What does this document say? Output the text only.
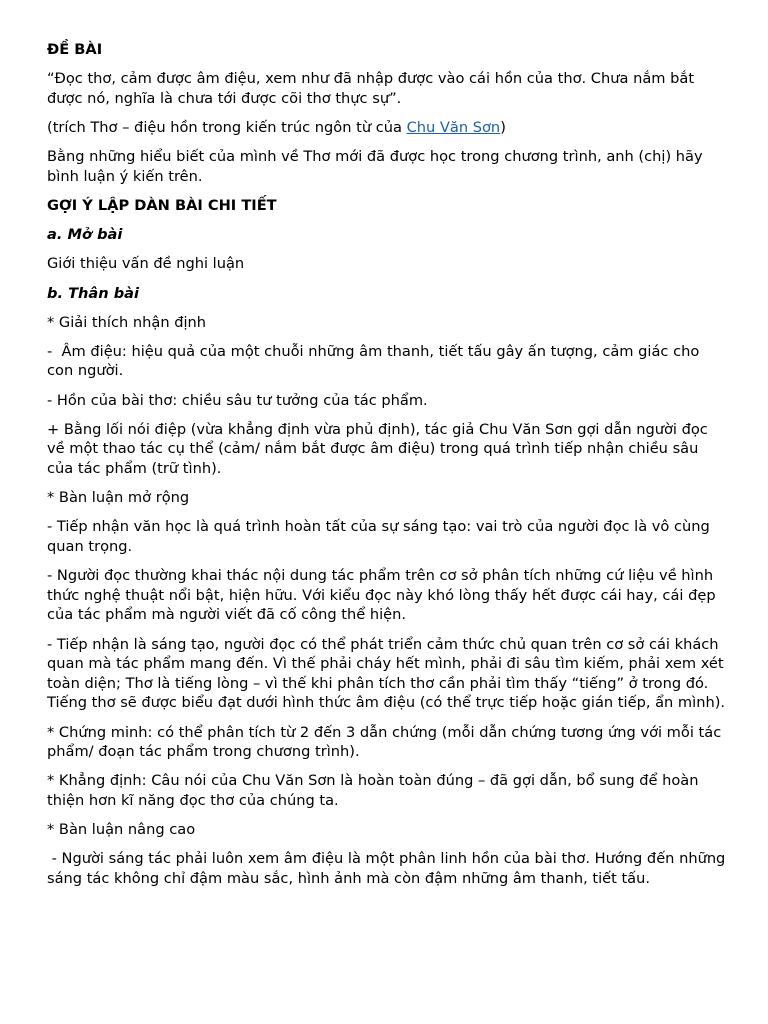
ĐỀ BÀI

“Đọc thơ, cảm được âm điệu, xem như đã nhập được vào cái hồn của thơ. Chưa nắm bắt được nó, nghĩa là chưa tới được cõi thơ thực sự”.

(trích Thơ – điệu hồn trong kiến trúc ngôn từ của Chu Văn Sơn)

Bằng những hiểu biết của mình về Thơ mới đã được học trong chương trình, anh (chị) hãy bình luận ý kiến trên.

GỢI Ý LẬP DÀN BÀI CHI TIẾT

a. Mở bài

Giới thiệu vấn đề nghi luận

b. Thân bài

* Giải thích nhận định

-  Âm điệu: hiệu quả của một chuỗi những âm thanh, tiết tấu gây ấn tượng, cảm giác cho con người.

- Hồn của bài thơ: chiều sâu tư tưởng của tác phẩm.

+ Bằng lối nói điệp (vừa khẳng định vừa phủ định), tác giả Chu Văn Sơn gợi dẫn người đọc về một thao tác cụ thể (cảm/ nắm bắt được âm điệu) trong quá trình tiếp nhận chiều sâu của tác phẩm (trữ tình).

* Bàn luận mở rộng

- Tiếp nhận văn học là quá trình hoàn tất của sự sáng tạo: vai trò của người đọc là vô cùng quan trọng.

- Người đọc thường khai thác nội dung tác phẩm trên cơ sở phân tích những cứ liệu về hình thức nghệ thuật nổi bật, hiện hữu. Với kiểu đọc này khó lòng thấy hết được cái hay, cái đẹp của tác phẩm mà người viết đã cố công thể hiện.

- Tiếp nhận là sáng tạo, người đọc có thể phát triển cảm thức chủ quan trên cơ sở cái khách quan mà tác phẩm mang đến. Vì thế phải cháy hết mình, phải đi sâu tìm kiếm, phải xem xét toàn diện; Thơ là tiếng lòng – vì thế khi phân tích thơ cần phải tìm thấy “tiếng” ở trong đó. Tiếng thơ sẽ được biểu đạt dưới hình thức âm điệu (có thể trực tiếp hoặc gián tiếp, ẩn mình).

* Chứng minh: có thể phân tích từ 2 đến 3 dẫn chứng (mỗi dẫn chứng tương ứng với mỗi tác phẩm/ đoạn tác phẩm trong chương trình).

* Khẳng định: Câu nói của Chu Văn Sơn là hoàn toàn đúng – đã gợi dẫn, bổ sung để hoàn thiện hơn kĩ năng đọc thơ của chúng ta.

* Bàn luận nâng cao

- Người sáng tác phải luôn xem âm điệu là một phân linh hồn của bài thơ. Hướng đến những sáng tác không chỉ đậm màu sắc, hình ảnh mà còn đậm những âm thanh, tiết tấu.
